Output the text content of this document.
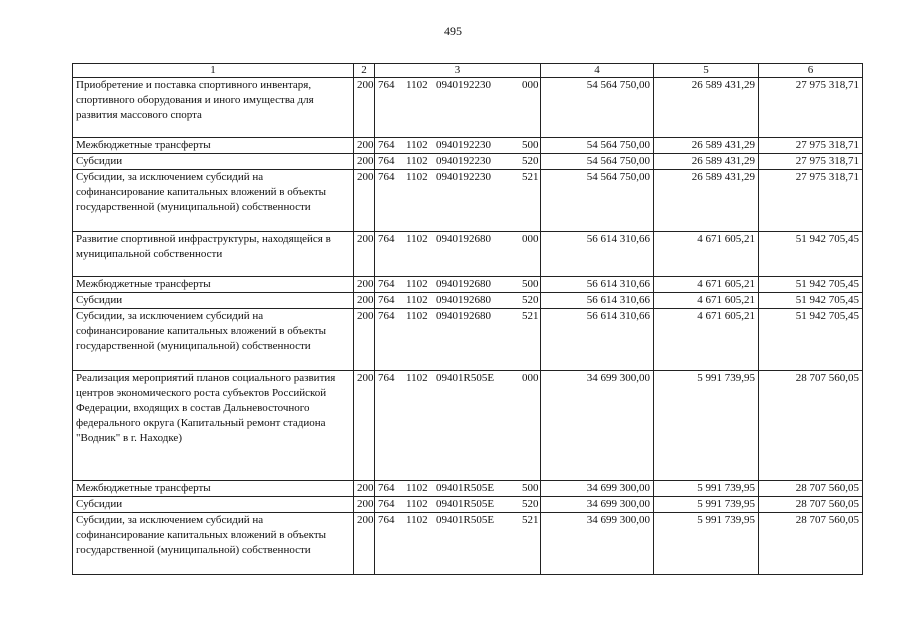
495
1	2	3	4	5	6
Приобретение и поставка спортивного инвентаря, спортивного оборудования и иного имущества для развития массового спорта	200	764 1102 0940192230 000	54 564 750,00	26 589 431,29	27 975 318,71
Межбюджетные трансферты	200	764 1102 0940192230 500	54 564 750,00	26 589 431,29	27 975 318,71
Субсидии	200	764 1102 0940192230 520	54 564 750,00	26 589 431,29	27 975 318,71
Субсидии, за исключением субсидий на софинансирование капитальных вложений в объекты государственной (муниципальной) собственности	200	764 1102 0940192230 521	54 564 750,00	26 589 431,29	27 975 318,71
Развитие спортивной инфраструктуры, находящейся в муниципальной собственности	200	764 1102 0940192680 000	56 614 310,66	4 671 605,21	51 942 705,45
Межбюджетные трансферты	200	764 1102 0940192680 500	56 614 310,66	4 671 605,21	51 942 705,45
Субсидии	200	764 1102 0940192680 520	56 614 310,66	4 671 605,21	51 942 705,45
Субсидии, за исключением субсидий на софинансирование капитальных вложений в объекты государственной (муниципальной) собственности	200	764 1102 0940192680 521	56 614 310,66	4 671 605,21	51 942 705,45
Реализация мероприятий планов социального развития центров экономического роста субъектов Российской Федерации, входящих в состав Дальневосточного федерального округа (Капитальный ремонт стадиона "Водник" в г. Находке)	200	764 1102 09401R505E 000	34 699 300,00	5 991 739,95	28 707 560,05
Межбюджетные трансферты	200	764 1102 09401R505E 500	34 699 300,00	5 991 739,95	28 707 560,05
Субсидии	200	764 1102 09401R505E 520	34 699 300,00	5 991 739,95	28 707 560,05
Субсидии, за исключением субсидий на софинансирование капитальных вложений в объекты государственной (муниципальной) собственности	200	764 1102 09401R505E 521	34 699 300,00	5 991 739,95	28 707 560,05
